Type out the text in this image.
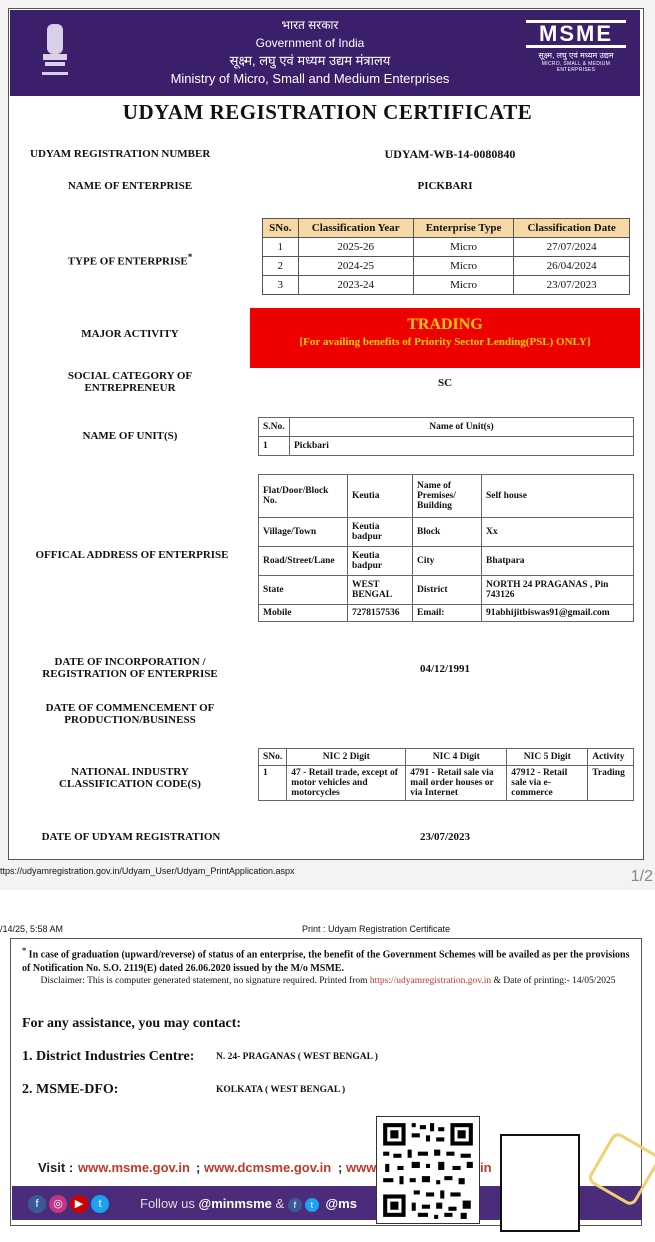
भारत सरकार
Government of India
सूक्ष्म, लघु एवं मध्यम उद्यम मंत्रालय
Ministry of Micro, Small and Medium Enterprises
MSME
सूक्ष्म, लघु एवं मध्यम उद्यम
MICRO, SMALL & MEDIUM ENTERPRISES
UDYAM REGISTRATION CERTIFICATE
UDYAM REGISTRATION NUMBER	UDYAM-WB-14-0080840
NAME OF ENTERPRISE	PICKBARI
TYPE OF ENTERPRISE*
SNo.	Classification Year	Enterprise Type	Classification Date
1	2025-26	Micro	27/07/2024
2	2024-25	Micro	26/04/2024
3	2023-24	Micro	23/07/2023
MAJOR ACTIVITY
TRADING
[For availing benefits of Priority Sector Lending(PSL) ONLY]
SOCIAL CATEGORY OF
ENTREPRENEUR	SC
NAME OF UNIT(S)
S.No.	Name of Unit(s)
1	Pickbari
OFFICAL ADDRESS OF ENTERPRISE
Flat/Door/Block No.	Keutia	Name of Premises/ Building	Self house
Village/Town	Keutia badpur	Block	Xx
Road/Street/Lane	Keutia badpur	City	Bhatpara
State	WEST BENGAL	District	NORTH 24 PRAGANAS , Pin 743126
Mobile	7278157536	Email:	91abhijitbiswas91@gmail.com
DATE OF INCORPORATION /
REGISTRATION OF ENTERPRISE	04/12/1991
DATE OF COMMENCEMENT OF
PRODUCTION/BUSINESS
NATIONAL INDUSTRY
CLASSIFICATION CODE(S)
SNo.	NIC 2 Digit	NIC 4 Digit	NIC 5 Digit	Activity
1	47 - Retail trade, except of motor vehicles and motorcycles	4791 - Retail sale via mail order houses or via Internet	47912 - Retail sale via e-commerce	Trading
DATE OF UDYAM REGISTRATION	23/07/2023
ttps://udyamregistration.gov.in/Udyam_User/Udyam_PrintApplication.aspx	1/2
/14/25, 5:58 AM	Print : Udyam Registration Certificate
* In case of graduation (upward/reverse) of status of an enterprise, the benefit of the Government Schemes will be availed as per the provisions of Notification No. S.O. 2119(E) dated 26.06.2020 issued by the M/o MSME.
Disclaimer: This is computer generated statement, no signature required. Printed from https://udyamregistration.gov.in & Date of printing:- 14/05/2025
For any assistance, you may contact:
1. District Industries Centre: N. 24- PRAGANAS ( WEST BENGAL )
2. MSME-DFO:	KOLKATA ( WEST BENGAL )
Visit : www.msme.gov.in ; www.dcmsme.gov.in ; www	in
f ◎ ▶ t	Follow us @minmsme & f t @ms
